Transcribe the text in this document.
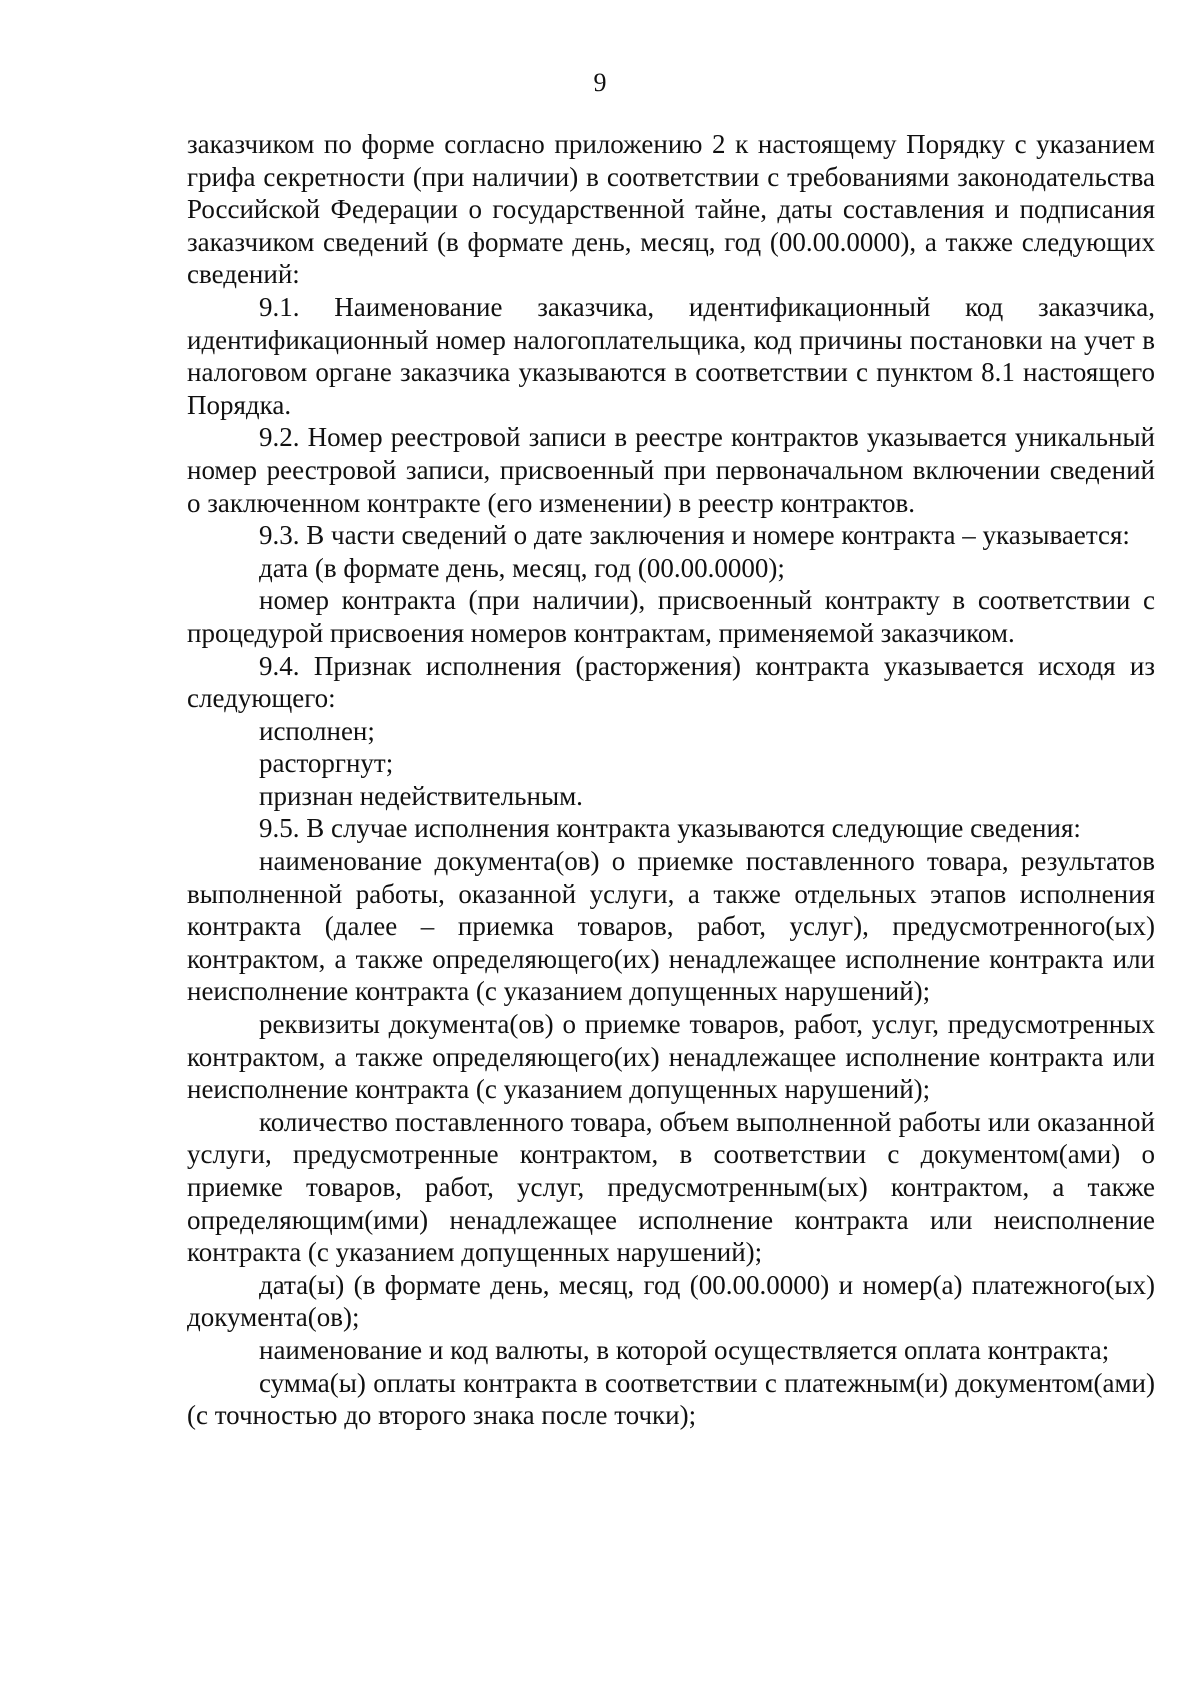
9

заказчиком по форме согласно приложению 2 к настоящему Порядку с указанием грифа секретности (при наличии) в соответствии с требованиями законодательства Российской Федерации о государственной тайне, даты составления и подписания заказчиком сведений (в формате день, месяц, год (00.00.0000), а также следующих сведений:

9.1. Наименование заказчика, идентификационный код заказчика, идентификационный номер налогоплательщика, код причины постановки на учет в налоговом органе заказчика указываются в соответствии с пунктом 8.1 настоящего Порядка.

9.2. Номер реестровой записи в реестре контрактов указывается уникальный номер реестровой записи, присвоенный при первоначальном включении сведений о заключенном контракте (его изменении) в реестр контрактов.

9.3. В части сведений о дате заключения и номере контракта – указывается:

дата (в формате день, месяц, год (00.00.0000);

номер контракта (при наличии), присвоенный контракту в соответствии с процедурой присвоения номеров контрактам, применяемой заказчиком.

9.4. Признак исполнения (расторжения) контракта указывается исходя из следующего:

исполнен;

расторгнут;

признан недействительным.

9.5. В случае исполнения контракта указываются следующие сведения:

наименование документа(ов) о приемке поставленного товара, результатов выполненной работы, оказанной услуги, а также отдельных этапов исполнения контракта (далее – приемка товаров, работ, услуг), предусмотренного(ых) контрактом, а также определяющего(их) ненадлежащее исполнение контракта или неисполнение контракта (с указанием допущенных нарушений);

реквизиты документа(ов) о приемке товаров, работ, услуг, предусмотренных контрактом, а также определяющего(их) ненадлежащее исполнение контракта или неисполнение контракта (с указанием допущенных нарушений);

количество поставленного товара, объем выполненной работы или оказанной услуги, предусмотренные контрактом, в соответствии с документом(ами) о приемке товаров, работ, услуг, предусмотренным(ых) контрактом, а также определяющим(ими) ненадлежащее исполнение контракта или неисполнение контракта (с указанием допущенных нарушений);

дата(ы) (в формате день, месяц, год (00.00.0000) и номер(а) платежного(ых) документа(ов);

наименование и код валюты, в которой осуществляется оплата контракта;

сумма(ы) оплаты контракта в соответствии с платежным(и) документом(ами) (с точностью до второго знака после точки);
